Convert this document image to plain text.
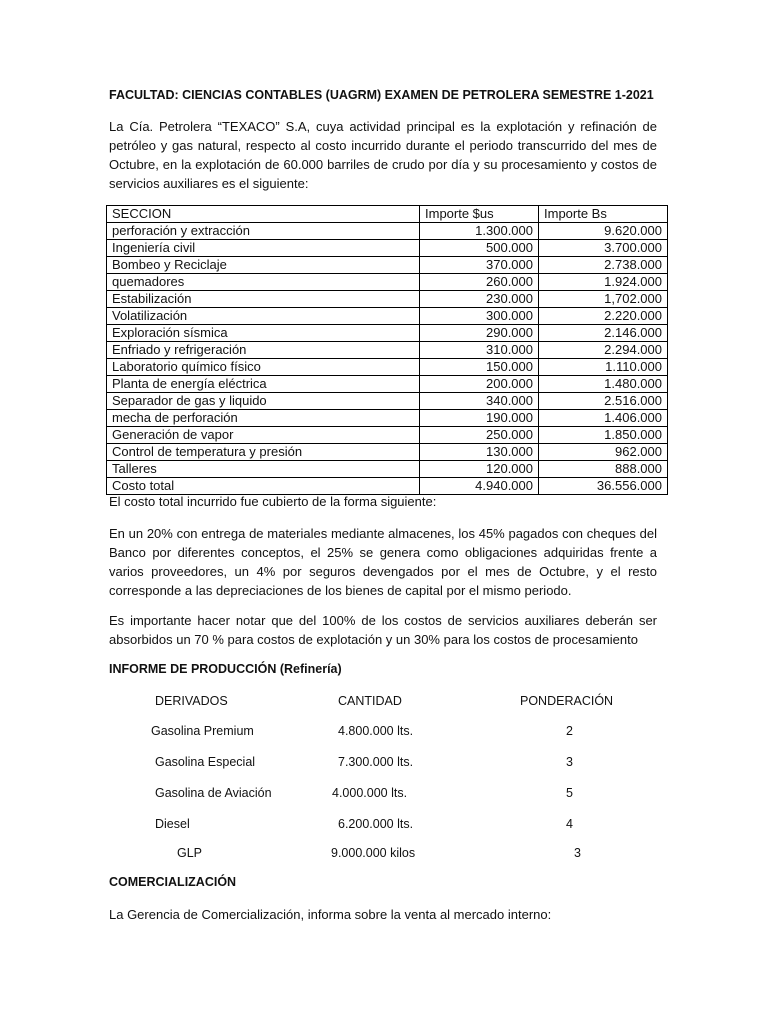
FACULTAD: CIENCIAS CONTABLES (UAGRM) EXAMEN DE PETROLERA SEMESTRE 1-2021
La Cía. Petrolera “TEXACO” S.A, cuya actividad principal es la explotación y refinación de petróleo y gas natural, respecto al costo incurrido durante el periodo transcurrido del mes de Octubre, en la explotación de 60.000 barriles de crudo por día y su procesamiento y costos de servicios auxiliares es el siguiente:
SECCION	Importe $us	Importe Bs
perforación y extracción	1.300.000	9.620.000
Ingeniería civil	500.000	3.700.000
Bombeo y Reciclaje	370.000	2.738.000
quemadores	260.000	1.924.000
Estabilización	230.000	1,702.000
Volatilización	300.000	2.220.000
Exploración sísmica	290.000	2.146.000
Enfriado y refrigeración	310.000	2.294.000
Laboratorio químico físico	150.000	1.110.000
Planta de energía eléctrica	200.000	1.480.000
Separador de gas y liquido	340.000	2.516.000
mecha de perforación	190.000	1.406.000
Generación de vapor	250.000	1.850.000
Control de temperatura y presión	130.000	962.000
Talleres	120.000	888.000
Costo total	4.940.000	36.556.000
El costo total incurrido fue cubierto de la forma siguiente:
En un 20% con entrega de materiales mediante almacenes, los 45% pagados con cheques del Banco por diferentes conceptos, el 25% se genera como obligaciones adquiridas frente a varios proveedores, un 4% por seguros devengados por el mes de Octubre, y el resto corresponde a las depreciaciones de los bienes de capital por el mismo periodo.
Es importante hacer notar que del 100% de los costos de servicios auxiliares deberán ser absorbidos un 70 % para costos de explotación y un 30% para los costos de procesamiento
INFORME DE PRODUCCIÓN (Refinería)
DERIVADOS	CANTIDAD	PONDERACIÓN
Gasolina Premium	4.800.000 lts.	2
Gasolina Especial	7.300.000 lts.	3
Gasolina de Aviación	4.000.000 lts.	5
Diesel	6.200.000 lts.	4
GLP	9.000.000 kilos	3
COMERCIALIZACIÓN
La Gerencia de Comercialización, informa sobre la venta al mercado interno:
